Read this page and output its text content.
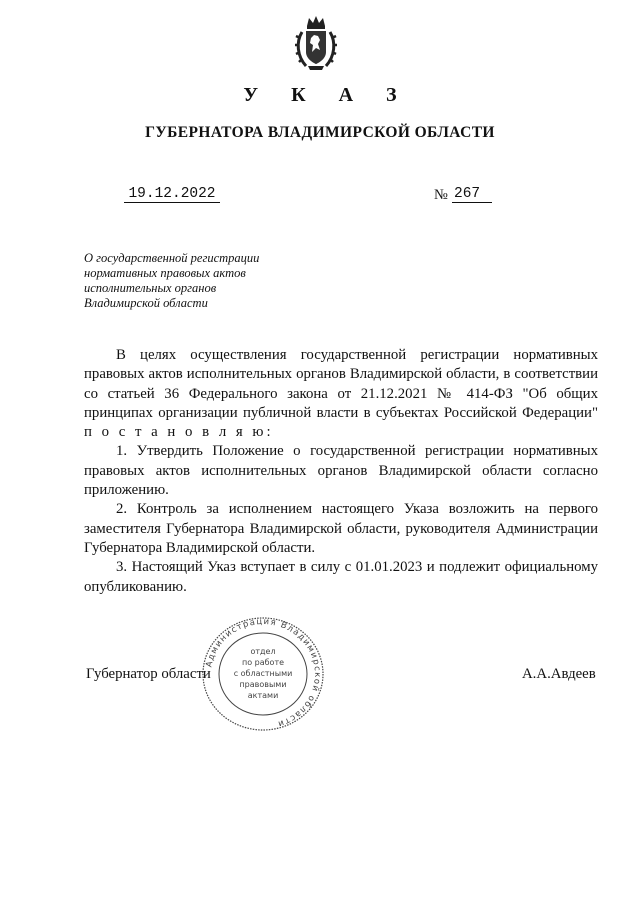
У К А З
ГУБЕРНАТОРА ВЛАДИМИРСКОЙ ОБЛАСТИ
19.12.2022	№ 267
О государственной регистрации
нормативных правовых актов
исполнительных органов
Владимирской области

В целях осуществления государственной регистрации нормативных правовых актов исполнительных органов Владимирской области, в соответствии со статьей 36 Федерального закона от 21.12.2021 № 414-ФЗ "Об общих принципах организации публичной власти в субъектах Российской Федерации" п о с т а н о в л я ю:

1. Утвердить Положение о государственной регистрации нормативных правовых актов исполнительных органов Владимирской области согласно приложению.

2. Контроль за исполнением настоящего Указа возложить на первого заместителя Губернатора Владимирской области, руководителя Администрации Губернатора Владимирской области.

3. Настоящий Указ вступает в силу с 01.01.2023 и подлежит официальному опубликованию.

Губернатор области	А.А.Авдеев
Администрация Владимирской области
отдел
по работе
с областными
правовыми
актами
